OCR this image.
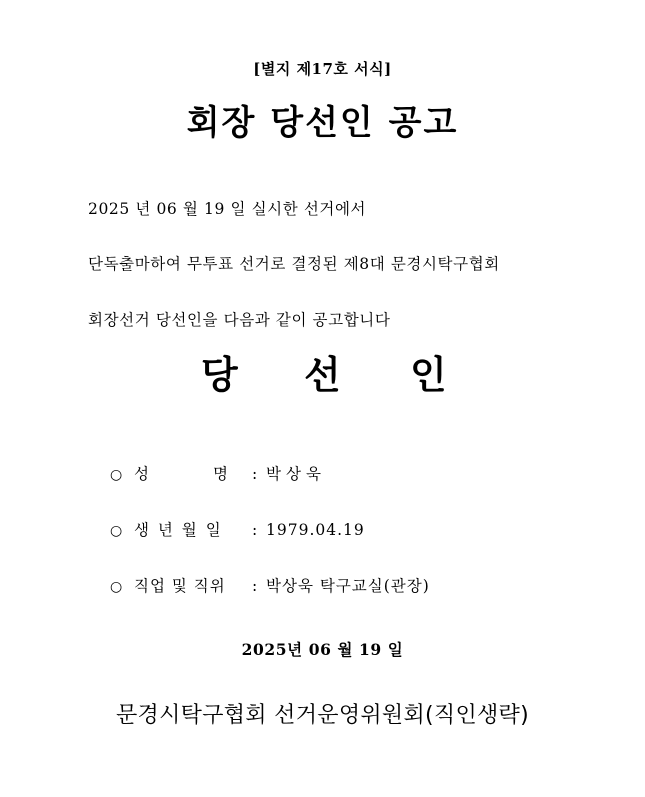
[별지 제17호 서식]
회장 당선인 공고
2025 년 06 월 19 일 실시한 선거에서
단독출마하여 무투표 선거로 결정된 제8대 문경시탁구협회
회장선거 당선인을 다음과 같이 공고합니다
당 선 인
○ 성	명 : 박상욱
○ 생 년 월 일 : 1979.04.19
○ 직업 및 직위 : 박상욱 탁구교실(관장)
2025년 06 월 19 일
문경시탁구협회 선거운영위원회(직인생략)
